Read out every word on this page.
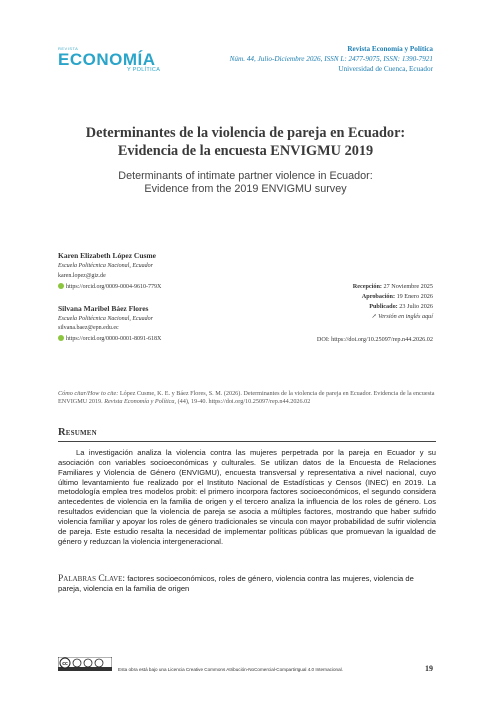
REVISTA
ECONOMÍA
Y POLÍTICA
Revista Economía y Política
Núm. 44, Julio-Diciembre 2026, ISSN L: 2477-9075, ISSN: 1390-7921
Universidad de Cuenca, Ecuador
Determinantes de la violencia de pareja en Ecuador:
Evidencia de la encuesta ENVIGMU 2019
Determinants of intimate partner violence in Ecuador:
Evidence from the 2019 ENVIGMU survey
Karen Elizabeth López Cusme
Escuela Politécnica Nacional, Ecuador
karen.lopez@giz.de
https://orcid.org/0009-0004-9610-779X
Silvana Maribel Báez Flores
Escuela Politécnica Nacional, Ecuador
silvana.baez@epn.edu.ec
https://orcid.org/0000-0001-8091-618X
Recepción: 27 Noviembre 2025
Aprobación: 19 Enero 2026
Publicado: 23 Julio 2026
↗ Versión en inglés aquí
DOI: https://doi.org/10.25097/rep.n44.2026.02
Cómo citar/How to cite: López Cusme, K. E. y Báez Flores, S. M. (2026). Determinantes de la violencia de pareja en Ecuador. Evidencia de la encuesta ENVIGMU 2019. Revista Economía y Política, (44), 19-40. https://doi.org/10.25097/rep.n44.2026.02
Resumen
La investigación analiza la violencia contra las mujeres perpetrada por la pareja en Ecuador y su asociación con variables socioeconómicas y culturales. Se utilizan datos de la Encuesta de Relaciones Familiares y Violencia de Género (ENVIGMU), encuesta transversal y representativa a nivel nacional, cuyo último levantamiento fue realizado por el Instituto Nacional de Estadísticas y Censos (INEC) en 2019. La metodología emplea tres modelos probit: el primero incorpora factores socioeconómicos, el segundo considera antecedentes de violencia en la familia de origen y el tercero analiza la influencia de los roles de género. Los resultados evidencian que la violencia de pareja se asocia a múltiples factores, mostrando que haber sufrido violencia familiar y apoyar los roles de género tradicionales se vincula con mayor probabilidad de sufrir violencia de pareja. Este estudio resalta la necesidad de implementar políticas públicas que promuevan la igualdad de género y reduzcan la violencia intergeneracional.
Palabras Clave: factores socioeconómicos, roles de género, violencia contra las mujeres, violencia de pareja, violencia en la familia de origen
cc
Esta obra está bajo una Licencia Creative Commons Atribución-NoComercial-CompartirIgual 4.0 Internacional.	19
